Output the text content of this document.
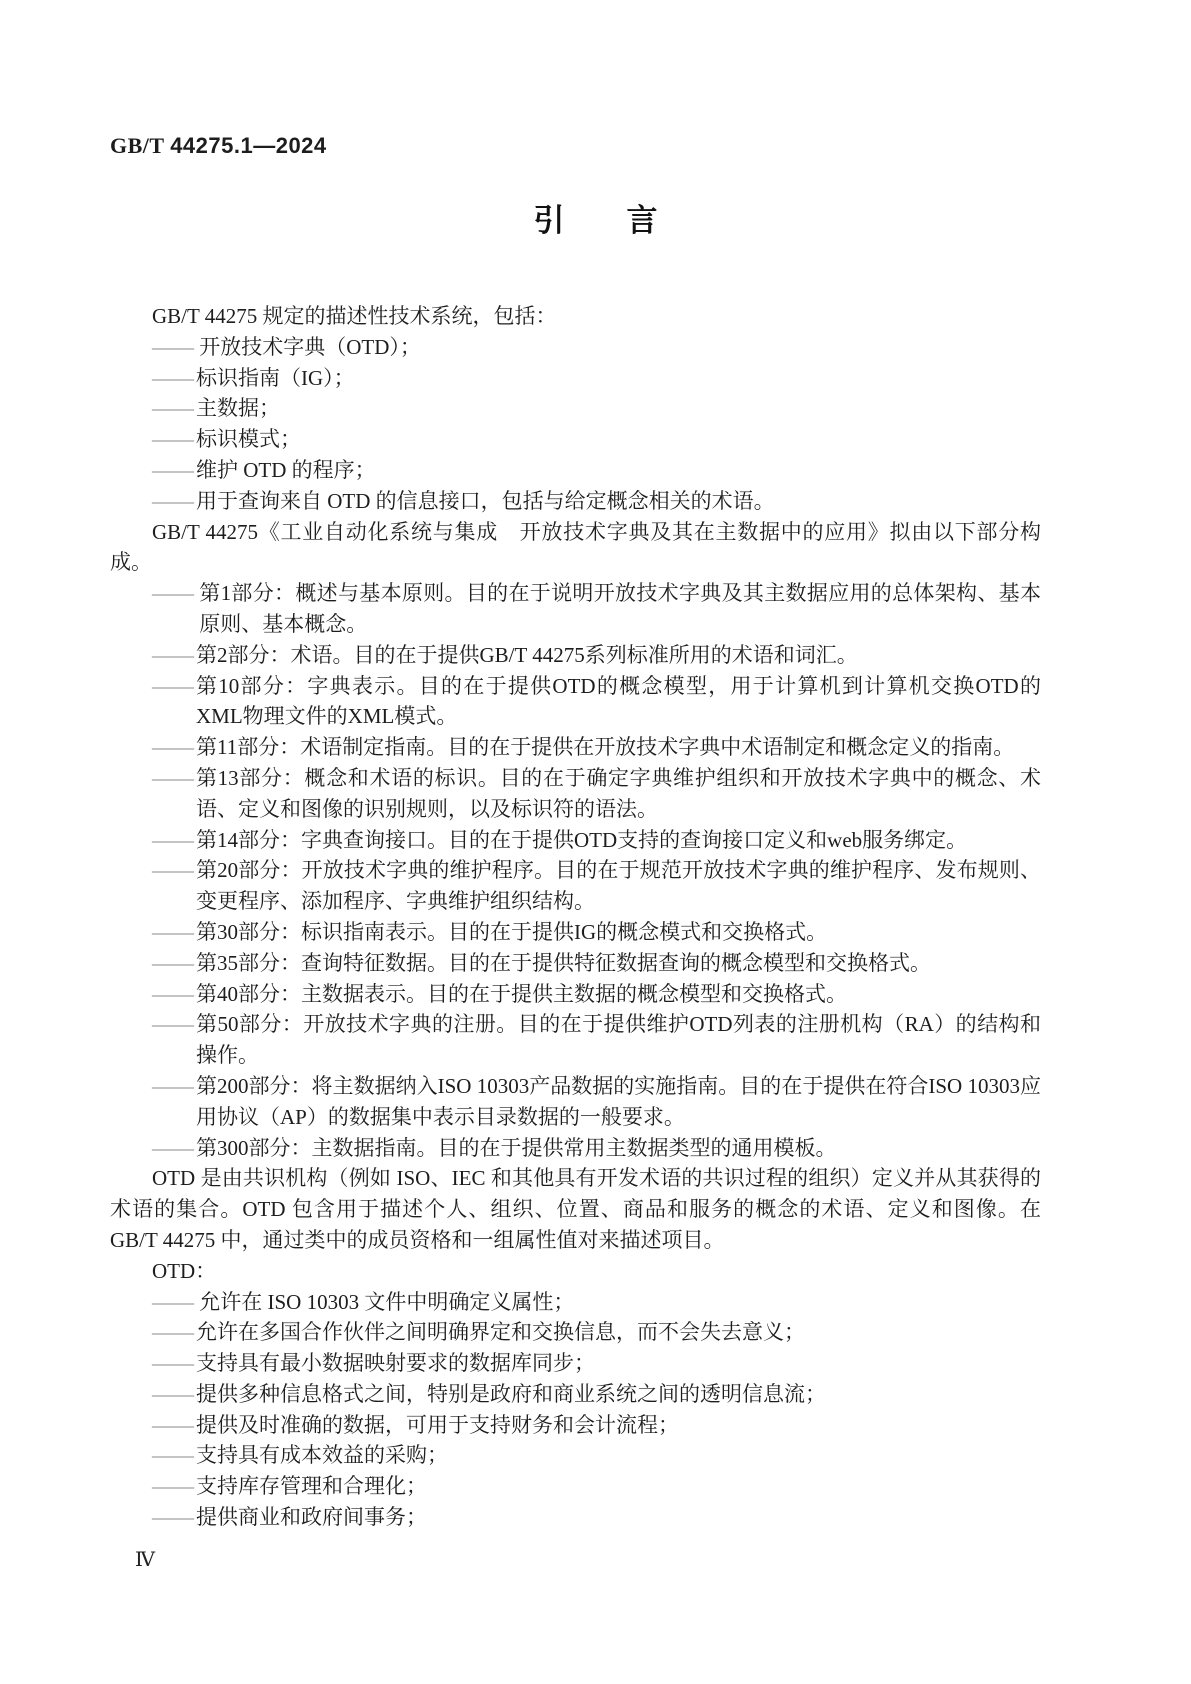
GB/T 44275.1—2024
引　　言
GB/T 44275 规定的描述性技术系统，包括：
—— 开放技术字典（OTD）；
—— 标识指南（IG）；
—— 主数据；
—— 标识模式；
—— 维护 OTD 的程序；
—— 用于查询来自 OTD 的信息接口，包括与给定概念相关的术语。
GB/T 44275《工业自动化系统与集成　开放技术字典及其在主数据中的应用》拟由以下部分构成。
—— 第1部分：概述与基本原则。目的在于说明开放技术字典及其主数据应用的总体架构、基本原则、基本概念。
—— 第2部分：术语。目的在于提供GB/T 44275系列标准所用的术语和词汇。
—— 第10部分：字典表示。目的在于提供OTD的概念模型，用于计算机到计算机交换OTD的XML物理文件的XML模式。
—— 第11部分：术语制定指南。目的在于提供在开放技术字典中术语制定和概念定义的指南。
—— 第13部分：概念和术语的标识。目的在于确定字典维护组织和开放技术字典中的概念、术语、定义和图像的识别规则，以及标识符的语法。
—— 第14部分：字典查询接口。目的在于提供OTD支持的查询接口定义和web服务绑定。
—— 第20部分：开放技术字典的维护程序。目的在于规范开放技术字典的维护程序、发布规则、变更程序、添加程序、字典维护组织结构。
—— 第30部分：标识指南表示。目的在于提供IG的概念模式和交换格式。
—— 第35部分：查询特征数据。目的在于提供特征数据查询的概念模型和交换格式。
—— 第40部分：主数据表示。目的在于提供主数据的概念模型和交换格式。
—— 第50部分：开放技术字典的注册。目的在于提供维护OTD列表的注册机构（RA）的结构和操作。
—— 第200部分：将主数据纳入ISO 10303产品数据的实施指南。目的在于提供在符合ISO 10303应用协议（AP）的数据集中表示目录数据的一般要求。
—— 第300部分：主数据指南。目的在于提供常用主数据类型的通用模板。
OTD 是由共识机构（例如 ISO、IEC 和其他具有开发术语的共识过程的组织）定义并从其获得的术语的集合。OTD 包含用于描述个人、组织、位置、商品和服务的概念的术语、定义和图像。在 GB/T 44275 中，通过类中的成员资格和一组属性值对来描述项目。
OTD：
—— 允许在 ISO 10303 文件中明确定义属性；
—— 允许在多国合作伙伴之间明确界定和交换信息，而不会失去意义；
—— 支持具有最小数据映射要求的数据库同步；
—— 提供多种信息格式之间，特别是政府和商业系统之间的透明信息流；
—— 提供及时准确的数据，可用于支持财务和会计流程；
—— 支持具有成本效益的采购；
—— 支持库存管理和合理化；
—— 提供商业和政府间事务；
Ⅳ
